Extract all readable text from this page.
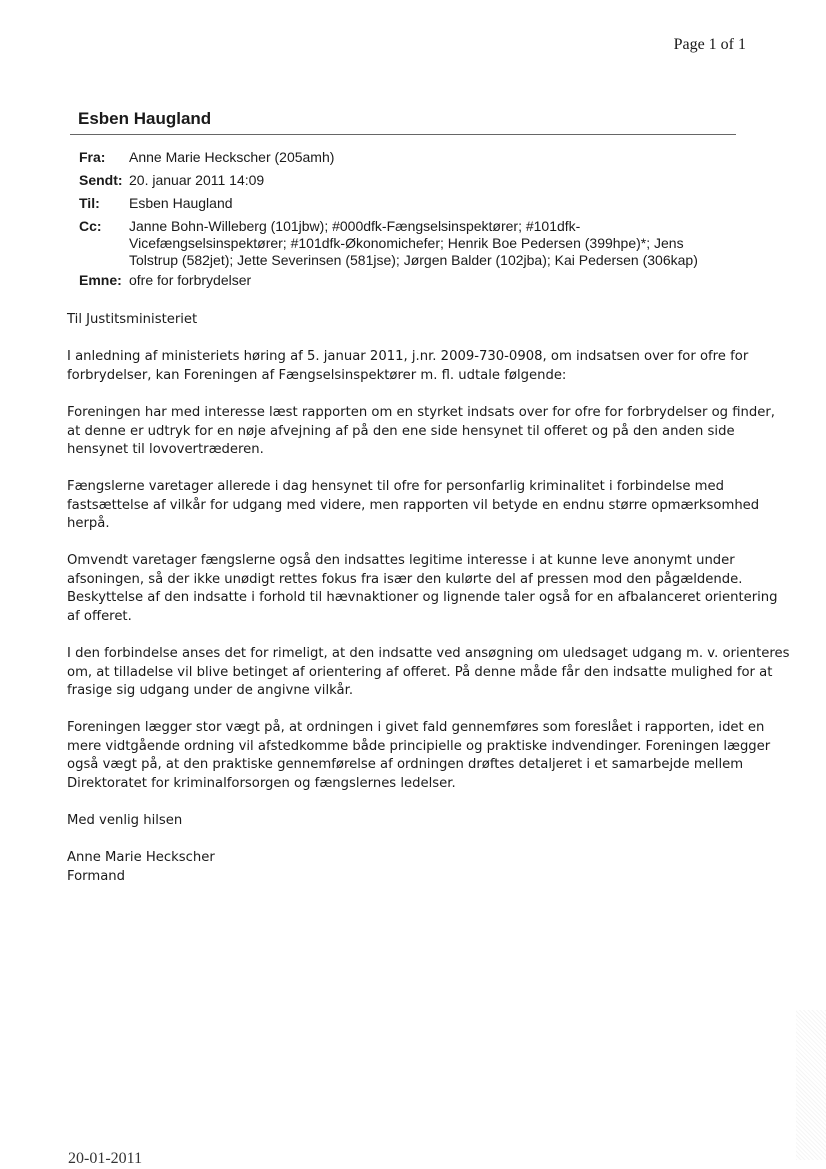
Page 1 of 1
Esben Haugland
Fra: Anne Marie Heckscher (205amh)
Sendt: 20. januar 2011 14:09
Til: Esben Haugland
Cc: Janne Bohn-Willeberg (101jbw); #000dfk-Fængselsinspektører; #101dfk-
Vicefængselsinspektører; #101dfk-Økonomichefer; Henrik Boe Pedersen (399hpe)*; Jens
Tolstrup (582jet); Jette Severinsen (581jse); Jørgen Balder (102jba); Kai Pedersen (306kap)
Emne: ofre for forbrydelser
Til Justitsministeriet
I anledning af ministeriets høring af 5. januar 2011, j.nr. 2009-730-0908, om indsatsen over for ofre for
forbrydelser, kan Foreningen af Fængselsinspektører m. fl. udtale følgende:
Foreningen har med interesse læst rapporten om en styrket indsats over for ofre for forbrydelser og finder,
at denne er udtryk for en nøje afvejning af på den ene side hensynet til offeret og på den anden side
hensynet til lovovertræderen.
Fængslerne varetager allerede i dag hensynet til ofre for personfarlig kriminalitet i forbindelse med
fastsættelse af vilkår for udgang med videre, men rapporten vil betyde en endnu større opmærksomhed
herpå.
Omvendt varetager fængslerne også den indsattes legitime interesse i at kunne leve anonymt under
afsoningen, så der ikke unødigt rettes fokus fra især den kulørte del af pressen mod den pågældende.
Beskyttelse af den indsatte i forhold til hævnaktioner og lignende taler også for en afbalanceret orientering
af offeret.
I den forbindelse anses det for rimeligt, at den indsatte ved ansøgning om uledsaget udgang m. v. orienteres
om, at tilladelse vil blive betinget af orientering af offeret. På denne måde får den indsatte mulighed for at
frasige sig udgang under de angivne vilkår.
Foreningen lægger stor vægt på, at ordningen i givet fald gennemføres som foreslået i rapporten, idet en
mere vidtgående ordning vil afstedkomme både principielle og praktiske indvendinger. Foreningen lægger
også vægt på, at den praktiske gennemførelse af ordningen drøftes detaljeret i et samarbejde mellem
Direktoratet for kriminalforsorgen og fængslernes ledelser.
Med venlig hilsen
Anne Marie Heckscher
Formand
20-01-2011
